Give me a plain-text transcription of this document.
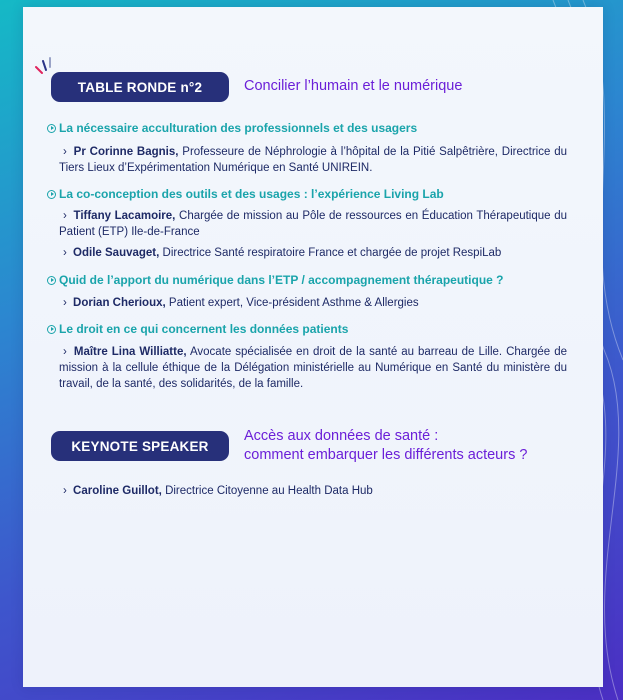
TABLE RONDE n°2	Concilier l’humain et le numérique
La nécessaire acculturation des professionnels et des usagers
› Pr Corinne Bagnis, Professeure de Néphrologie à l’hôpital de la Pitié Salpêtrière, Directrice du Tiers Lieux d’Expérimentation Numérique en Santé UNIREIN.
La co-conception des outils et des usages : l’expérience Living Lab
› Tiffany Lacamoire, Chargée de mission au Pôle de ressources en Éducation Thérapeutique du Patient (ETP) Ile-de-France
› Odile Sauvaget, Directrice Santé respiratoire France et chargée de projet RespiLab
Quid de l’apport du numérique dans l’ETP / accompagnement thérapeutique ?
› Dorian Cherioux, Patient expert, Vice-président Asthme & Allergies
Le droit en ce qui concernent les données patients
› Maître Lina Williatte, Avocate spécialisée en droit de la santé au barreau de Lille. Chargée de mission à la cellule éthique de la Délégation ministérielle au Numérique en Santé du ministère du travail, de la santé, des solidarités, de la famille.
KEYNOTE SPEAKER
Accès aux données de santé :
comment embarquer les différents acteurs ?
› Caroline Guillot, Directrice Citoyenne au Health Data Hub
